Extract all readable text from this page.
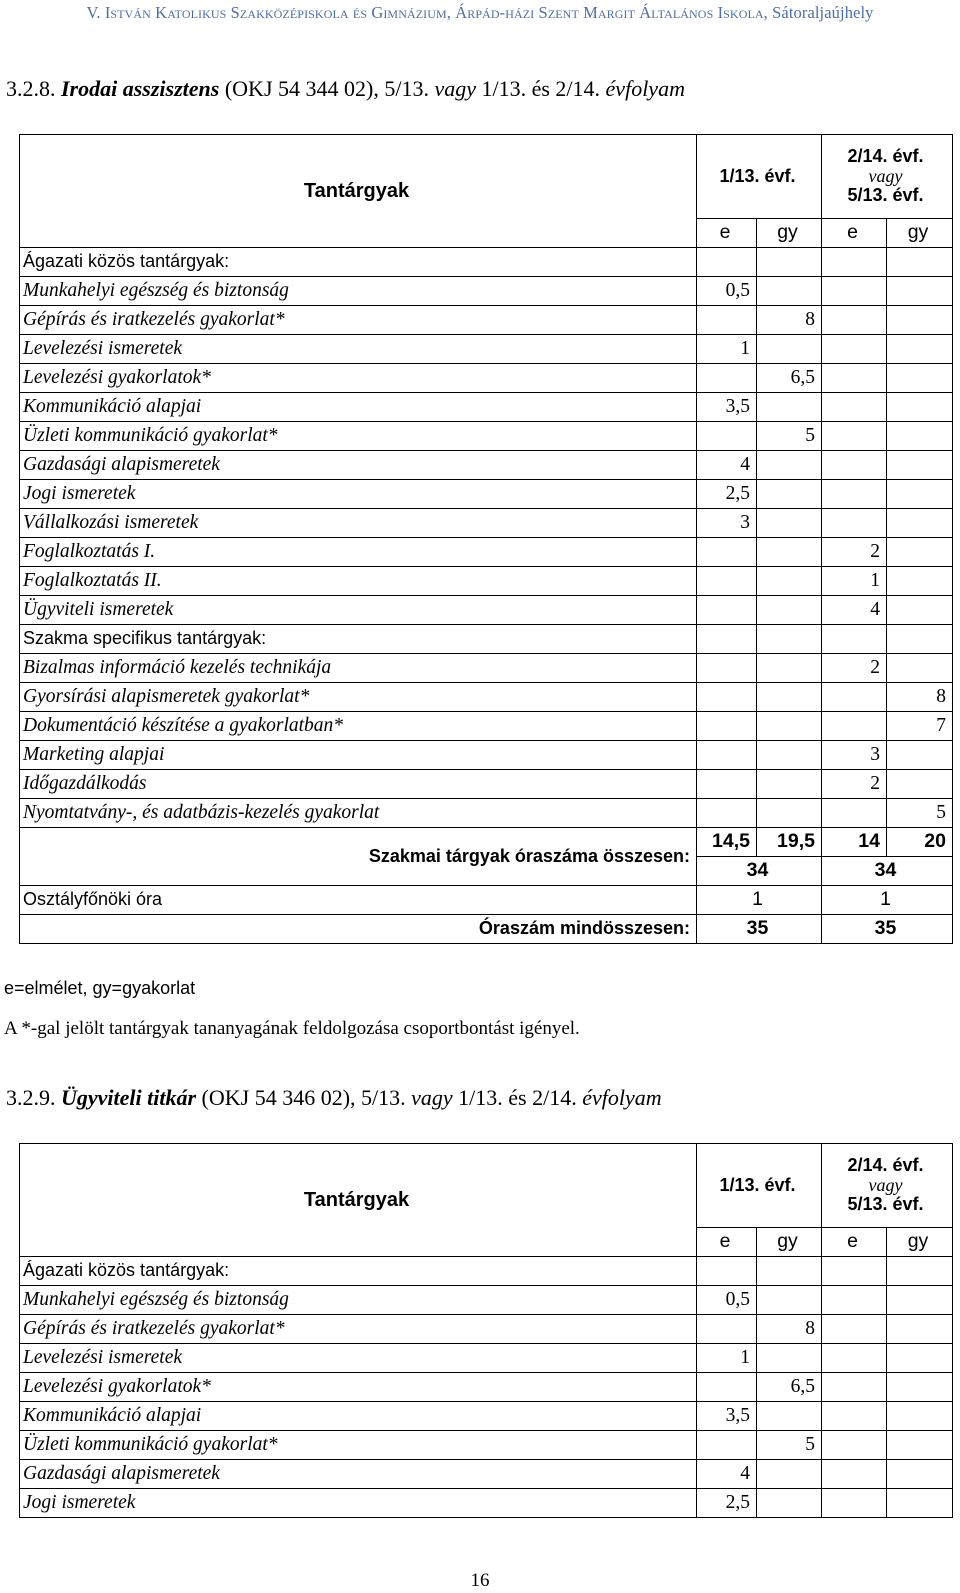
V. István Katolikus Szakközépiskola és Gimnázium, Árpád-házi Szent Margit Általános Iskola, Sátoraljaújhely
3.2.8. Irodai asszisztens (OKJ 54 344 02), 5/13. vagy 1/13. és 2/14. évfolyam
Tantárgyak	1/13. évf.		2/14. évf.
vagy
5/13. évf.	
	e	gy	e	gy
Ágazati közös tantárgyak:				
Munkahelyi egészség és biztonság	0,5			
Gépírás és iratkezelés gyakorlat*		8		
Levelezési ismeretek	1			
Levelezési gyakorlatok*		6,5		
Kommunikáció alapjai	3,5			
Üzleti kommunikáció gyakorlat*		5		
Gazdasági alapismeretek	4			
Jogi ismeretek	2,5			
Vállalkozási ismeretek	3			
Foglalkoztatás I.			2	
Foglalkoztatás II.			1	
Ügyviteli ismeretek			4	
Szakma specifikus tantárgyak:				
Bizalmas információ kezelés technikája			2	
Gyorsírási alapismeretek gyakorlat*				8
Dokumentáció készítése a gyakorlatban*				7
Marketing alapjai			3	
Időgazdálkodás			2	
Nyomtatvány-, és adatbázis-kezelés gyakorlat				5
Szakmai tárgyak óraszáma összesen:	14,5	19,5	14	20
	34		34	
Osztályfőnöki óra	1		1	
Óraszám mindösszesen:	35		35	
e=elmélet, gy=gyakorlat
A *-gal jelölt tantárgyak tananyagának feldolgozása csoportbontást igényel.
3.2.9. Ügyviteli titkár (OKJ 54 346 02), 5/13. vagy 1/13. és 2/14. évfolyam
Tantárgyak	1/13. évf.		2/14. évf.
vagy
5/13. évf.	
	e	gy	e	gy
Ágazati közös tantárgyak:				
Munkahelyi egészség és biztonság	0,5			
Gépírás és iratkezelés gyakorlat*		8		
Levelezési ismeretek	1			
Levelezési gyakorlatok*		6,5		
Kommunikáció alapjai	3,5			
Üzleti kommunikáció gyakorlat*		5		
Gazdasági alapismeretek	4			
Jogi ismeretek	2,5			
16
